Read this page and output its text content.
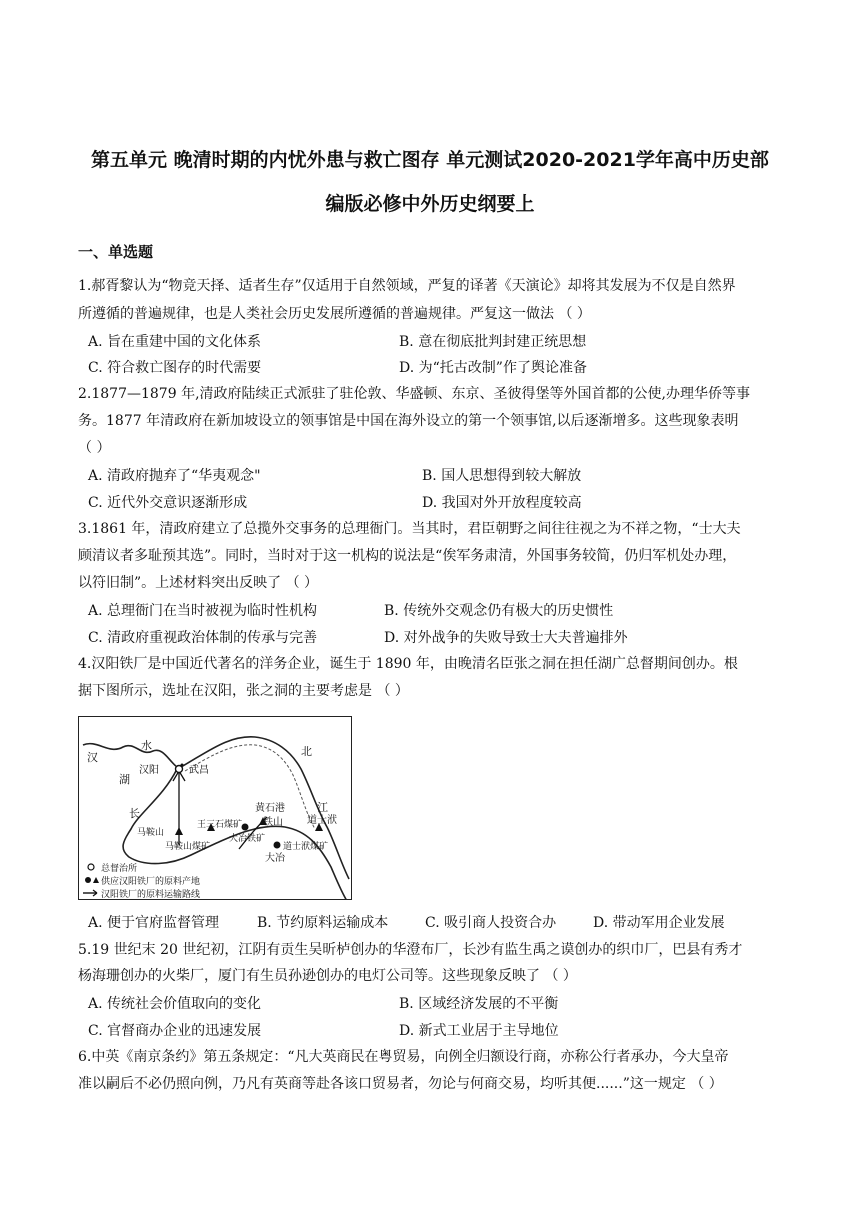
第五单元 晚清时期的内忧外患与救亡图存 单元测试2020-2021学年高中历史部
编版必修中外历史纲要上
一、单选题
1.郝胥黎认为“物竞天择、适者生存”仅适用于自然领域，严复的译著《天演论》却将其发展为不仅是自然界
所遵循的普遍规律，也是人类社会历史发展所遵循的普遍规律。严复这一做法 （ ）
A. 旨在重建中国的文化体系	B. 意在彻底批判封建正统思想
C. 符合救亡图存的时代需要	D. 为“托古改制”作了舆论准备
2.1877—1879 年,清政府陆续正式派驻了驻伦敦、华盛顿、东京、圣彼得堡等外国首都的公使,办理华侨等事
务。1877 年清政府在新加坡设立的领事馆是中国在海外设立的第一个领事馆,以后逐渐增多。这些现象表明
（ ）
A. 清政府抛弃了“华夷观念"	B. 国人思想得到较大解放
C. 近代外交意识逐渐形成	D. 我国对外开放程度较高
3.1861 年，清政府建立了总揽外交事务的总理衙门。当其时，君臣朝野之间往往视之为不祥之物，“士大夫
顾清议者多耻预其选”。同时，当时对于这一机构的说法是“俟军务肃清，外国事务较简，仍归军机处办理，
以符旧制”。上述材料突出反映了 （ ）
A. 总理衙门在当时被视为临时性机构	B. 传统外交观念仍有极大的历史惯性
C. 清政府重视政治体制的传承与完善	D. 对外战争的失败导致士大夫普遍排外
4.汉阳铁厂是中国近代著名的洋务企业，诞生于 1890 年，由晚清名臣张之洞在担任湖广总督期间创办。根
据下图所示，选址在汉阳，张之洞的主要考虑是 （ ）
汉
水
湖
汉阳	武昌
北
江
长	黄石港
铁山 道士洑
王三石煤矿
马鞍山
大冶铁矿
马鞍山煤矿	道士洑煤矿
大冶
总督治所
供应汉阳铁厂的原料产地
汉阳铁厂的原料运输路线
A. 便于官府监督管理	B. 节约原料运输成本	C. 吸引商人投资合办	D. 带动军用企业发展
5.19 世纪末 20 世纪初，江阴有贡生吴昕栌创办的华澄布厂，长沙有监生禹之谟创办的织巾厂，巴县有秀才
杨海珊创办的火柴厂，厦门有生员孙逊创办的电灯公司等。这些现象反映了 （ ）
A. 传统社会价值取向的变化	B. 区域经济发展的不平衡
C. 官督商办企业的迅速发展	D. 新式工业居于主导地位
6.中英《南京条约》第五条规定：“凡大英商民在粤贸易，向例全归额设行商，亦称公行者承办，今大皇帝
准以嗣后不必仍照向例，乃凡有英商等赴各该口贸易者，勿论与何商交易，均听其便......”这一规定 （ ）
